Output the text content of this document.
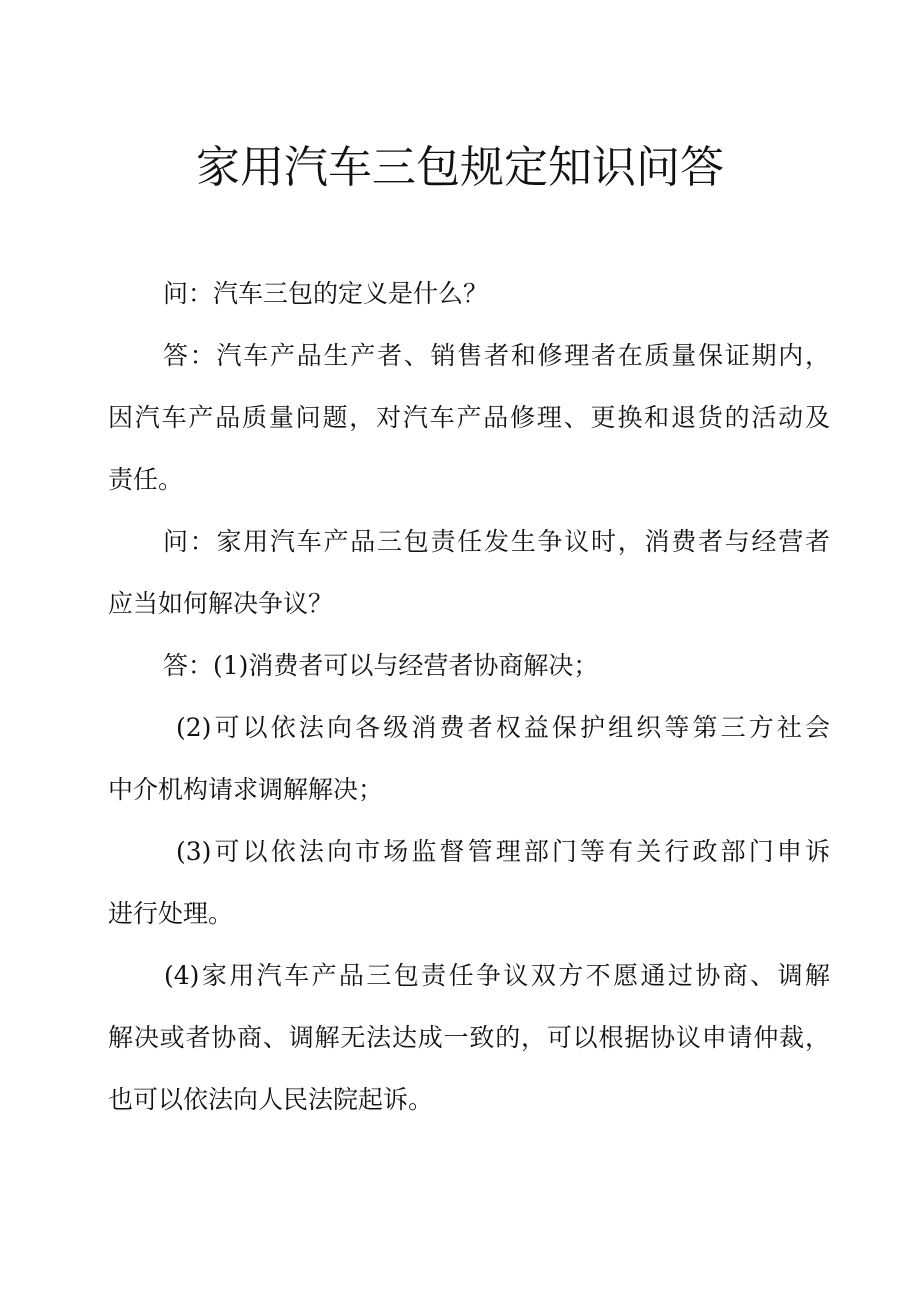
家用汽车三包规定知识问答
问：汽车三包的定义是什么？
答：汽车产品生产者、销售者和修理者在质量保证期内，
因汽车产品质量问题，对汽车产品修理、更换和退货的活动及
责任。
问：家用汽车产品三包责任发生争议时，消费者与经营者
应当如何解决争议？
答：(1)消费者可以与经营者协商解决；
(2)可以依法向各级消费者权益保护组织等第三方社会
中介机构请求调解解决；
(3)可以依法向市场监督管理部门等有关行政部门申诉
进行处理。
(4)家用汽车产品三包责任争议双方不愿通过协商、调解
解决或者协商、调解无法达成一致的，可以根据协议申请仲裁，
也可以依法向人民法院起诉。
